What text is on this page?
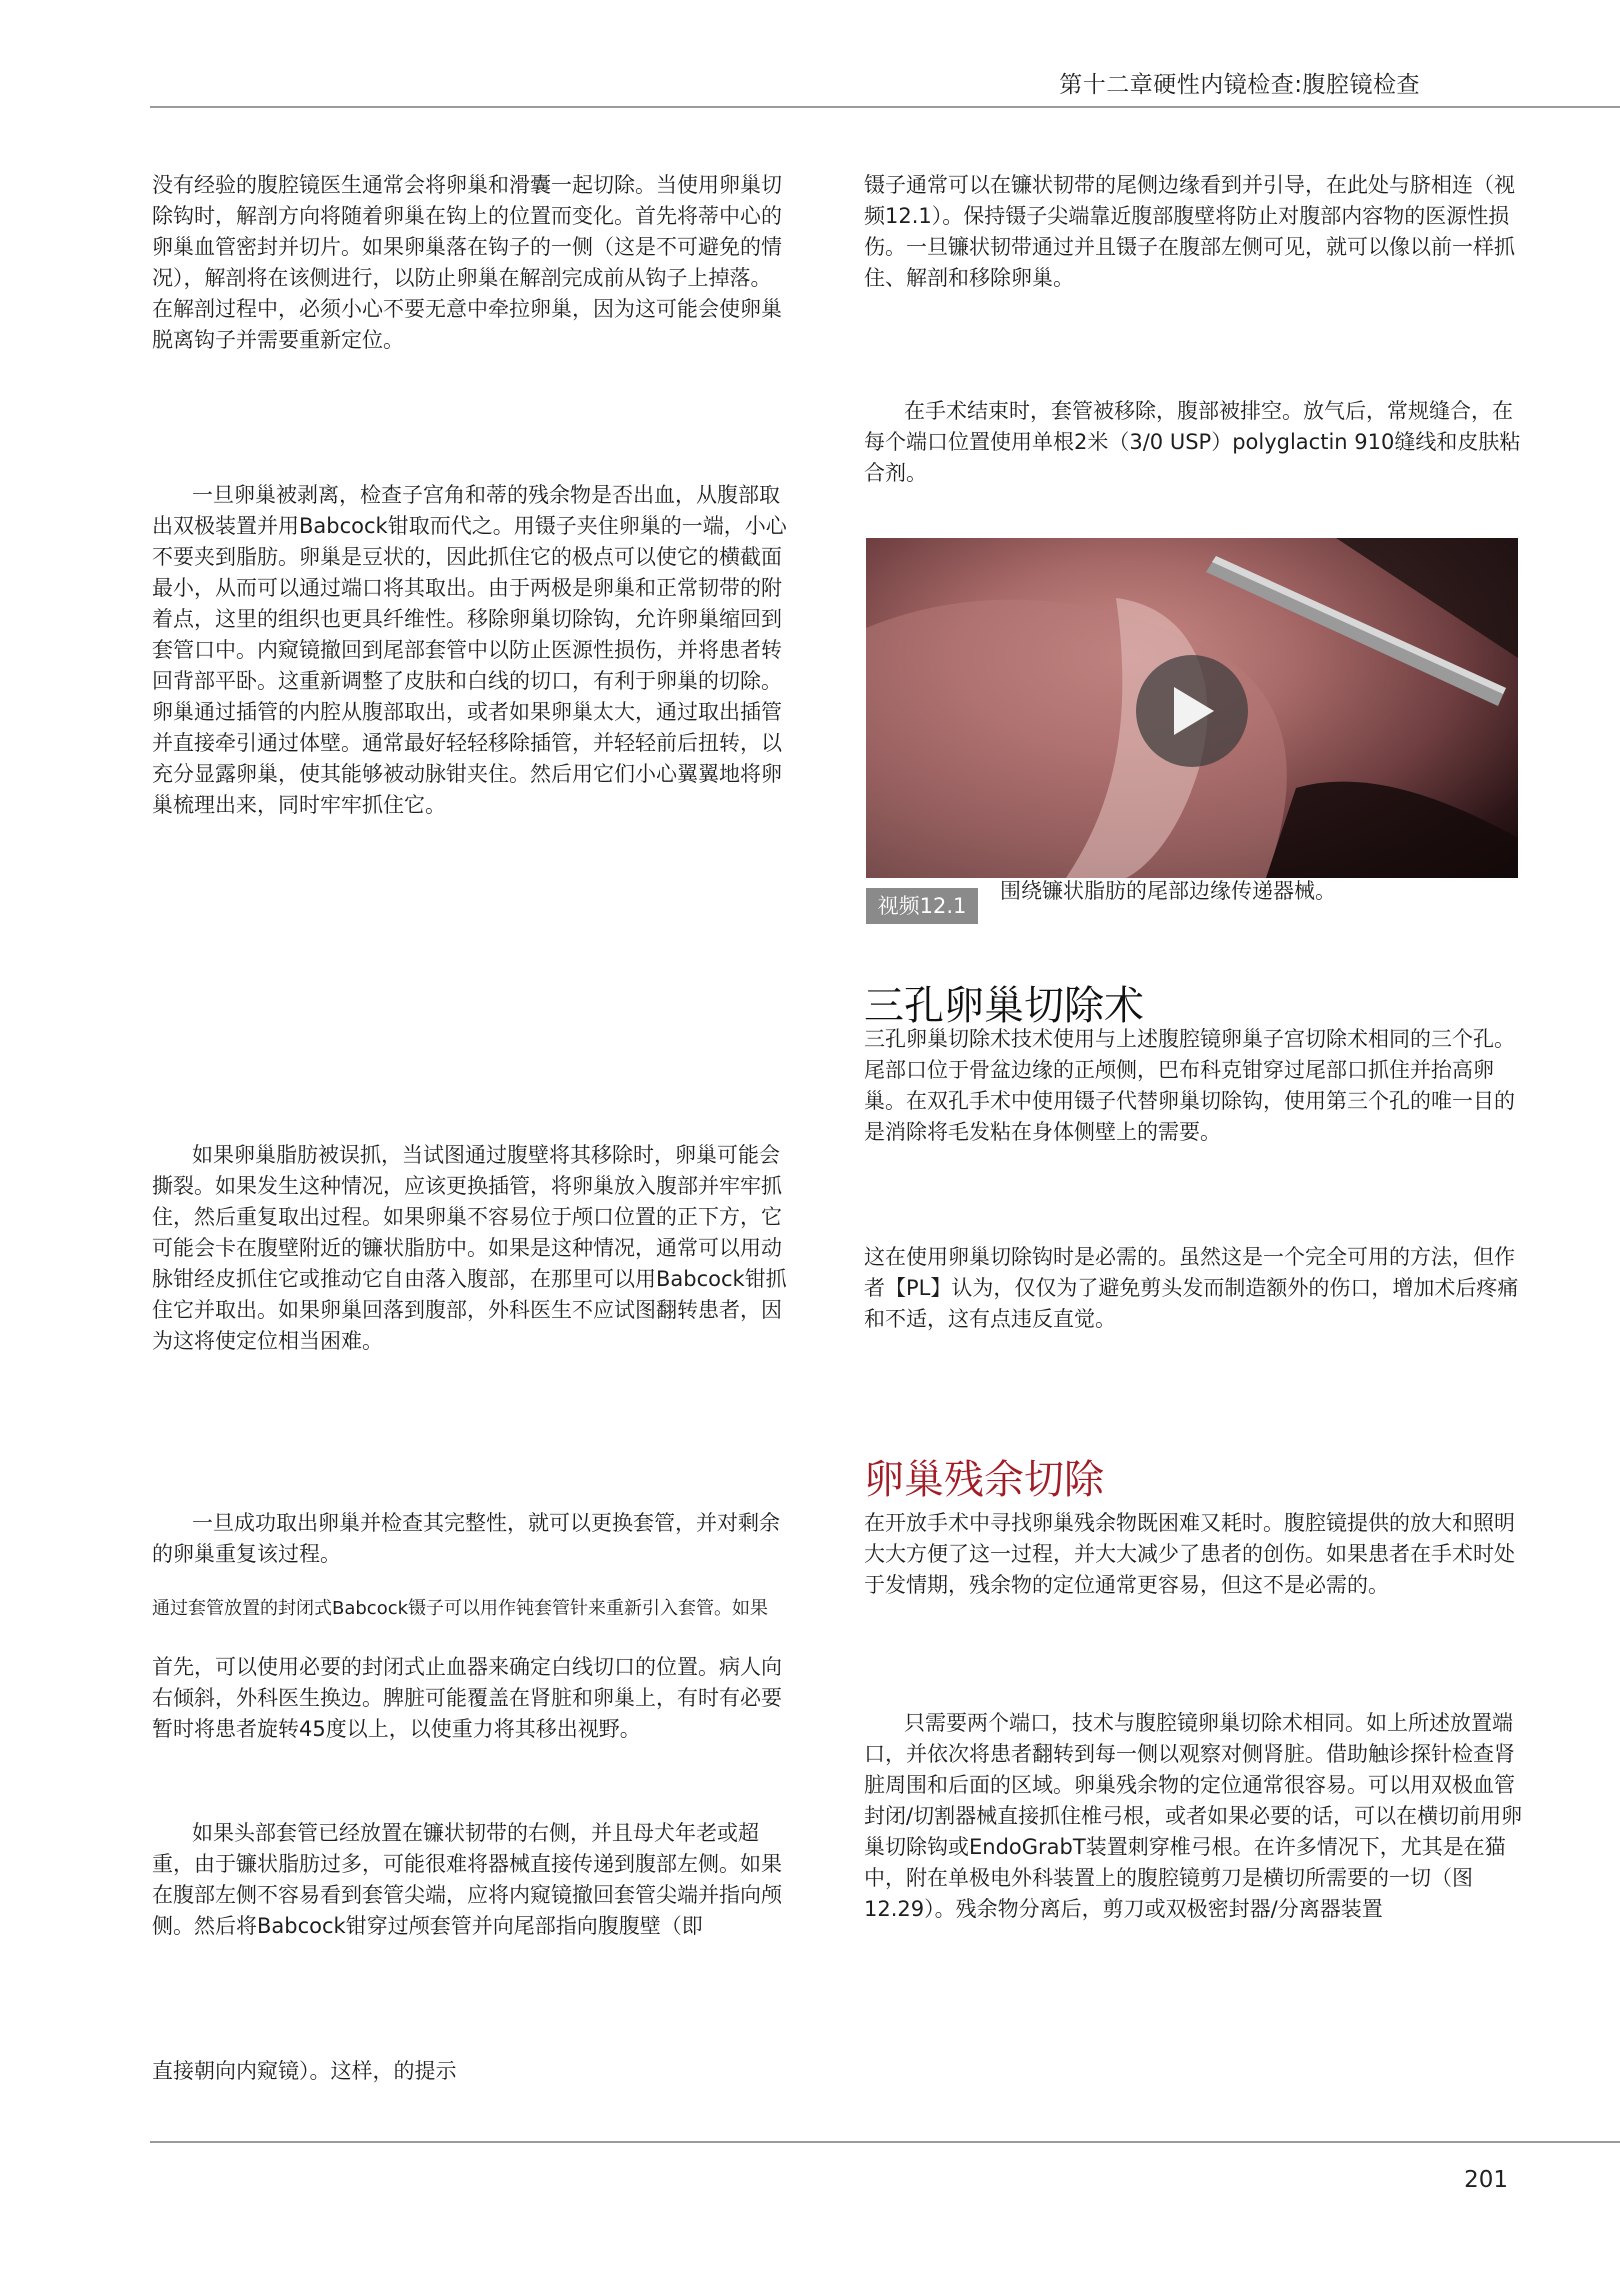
第十二章硬性内镜检查:腹腔镜检查

没有经验的腹腔镜医生通常会将卵巢和滑囊一起切除。当使用卵巢切除钩时，解剖方向将随着卵巢在钩上的位置而变化。首先将蒂中心的卵巢血管密封并切片。如果卵巢落在钩子的一侧（这是不可避免的情况），解剖将在该侧进行，以防止卵巢在解剖完成前从钩子上掉落。在解剖过程中，必须小心不要无意中牵拉卵巢，因为这可能会使卵巢脱离钩子并需要重新定位。

一旦卵巢被剥离，检查子宫角和蒂的残余物是否出血，从腹部取出双极装置并用Babcock钳取而代之。用镊子夹住卵巢的一端，小心不要夹到脂肪。卵巢是豆状的，因此抓住它的极点可以使它的横截面最小，从而可以通过端口将其取出。由于两极是卵巢和正常韧带的附着点，这里的组织也更具纤维性。移除卵巢切除钩，允许卵巢缩回到套管口中。内窥镜撤回到尾部套管中以防止医源性损伤，并将患者转回背部平卧。这重新调整了皮肤和白线的切口，有利于卵巢的切除。卵巢通过插管的内腔从腹部取出，或者如果卵巢太大，通过取出插管并直接牵引通过体壁。通常最好轻轻移除插管，并轻轻前后扭转，以充分显露卵巢，使其能够被动脉钳夹住。然后用它们小心翼翼地将卵巢梳理出来，同时牢牢抓住它。

如果卵巢脂肪被误抓，当试图通过腹壁将其移除时，卵巢可能会撕裂。如果发生这种情况，应该更换插管，将卵巢放入腹部并牢牢抓住，然后重复取出过程。如果卵巢不容易位于颅口位置的正下方，它可能会卡在腹壁附近的镰状脂肪中。如果是这种情况，通常可以用动脉钳经皮抓住它或推动它自由落入腹部，在那里可以用Babcock钳抓住它并取出。如果卵巢回落到腹部，外科医生不应试图翻转患者，因为这将使定位相当困难。

一旦成功取出卵巢并检查其完整性，就可以更换套管，并对剩余的卵巢重复该过程。

通过套管放置的封闭式Babcock镊子可以用作钝套管针来重新引入套管。如果

首先，可以使用必要的封闭式止血器来确定白线切口的位置。病人向右倾斜，外科医生换边。脾脏可能覆盖在肾脏和卵巢上，有时有必要暂时将患者旋转45度以上，以使重力将其移出视野。

如果头部套管已经放置在镰状韧带的右侧，并且母犬年老或超重，由于镰状脂肪过多，可能很难将器械直接传递到腹部左侧。如果在腹部左侧不容易看到套管尖端，应将内窥镜撤回套管尖端并指向颅侧。然后将Babcock钳穿过颅套管并向尾部指向腹腹壁（即

直接朝向内窥镜）。这样，的提示

镊子通常可以在镰状韧带的尾侧边缘看到并引导，在此处与脐相连（视频12.1）。保持镊子尖端靠近腹部腹壁将防止对腹部内容物的医源性损伤。一旦镰状韧带通过并且镊子在腹部左侧可见，就可以像以前一样抓住、解剖和移除卵巢。

在手术结束时，套管被移除，腹部被排空。放气后，常规缝合，在每个端口位置使用单根2米（3/0 USP）polyglactin 910缝线和皮肤粘合剂。

视频12.1
围绕镰状脂肪的尾部边缘传递器械。
三孔卵巢切除术

三孔卵巢切除术技术使用与上述腹腔镜卵巢子宫切除术相同的三个孔。尾部口位于骨盆边缘的正颅侧，巴布科克钳穿过尾部口抓住并抬高卵巢。在双孔手术中使用镊子代替卵巢切除钩，使用第三个孔的唯一目的是消除将毛发粘在身体侧壁上的需要。

这在使用卵巢切除钩时是必需的。虽然这是一个完全可用的方法，但作者【PL】认为，仅仅为了避免剪头发而制造额外的伤口，增加术后疼痛和不适，这有点违反直觉。

卵巢残余切除

在开放手术中寻找卵巢残余物既困难又耗时。腹腔镜提供的放大和照明大大方便了这一过程，并大大减少了患者的创伤。如果患者在手术时处于发情期，残余物的定位通常更容易，但这不是必需的。

只需要两个端口，技术与腹腔镜卵巢切除术相同。如上所述放置端口，并依次将患者翻转到每一侧以观察对侧肾脏。借助触诊探针检查肾脏周围和后面的区域。卵巢残余物的定位通常很容易。可以用双极血管封闭/切割器械直接抓住椎弓根，或者如果必要的话，可以在横切前用卵巢切除钩或EndoGrabT装置刺穿椎弓根。在许多情况下，尤其是在猫中，附在单极电外科装置上的腹腔镜剪刀是横切所需要的一切（图12.29）。残余物分离后，剪刀或双极密封器/分离器装置

201
